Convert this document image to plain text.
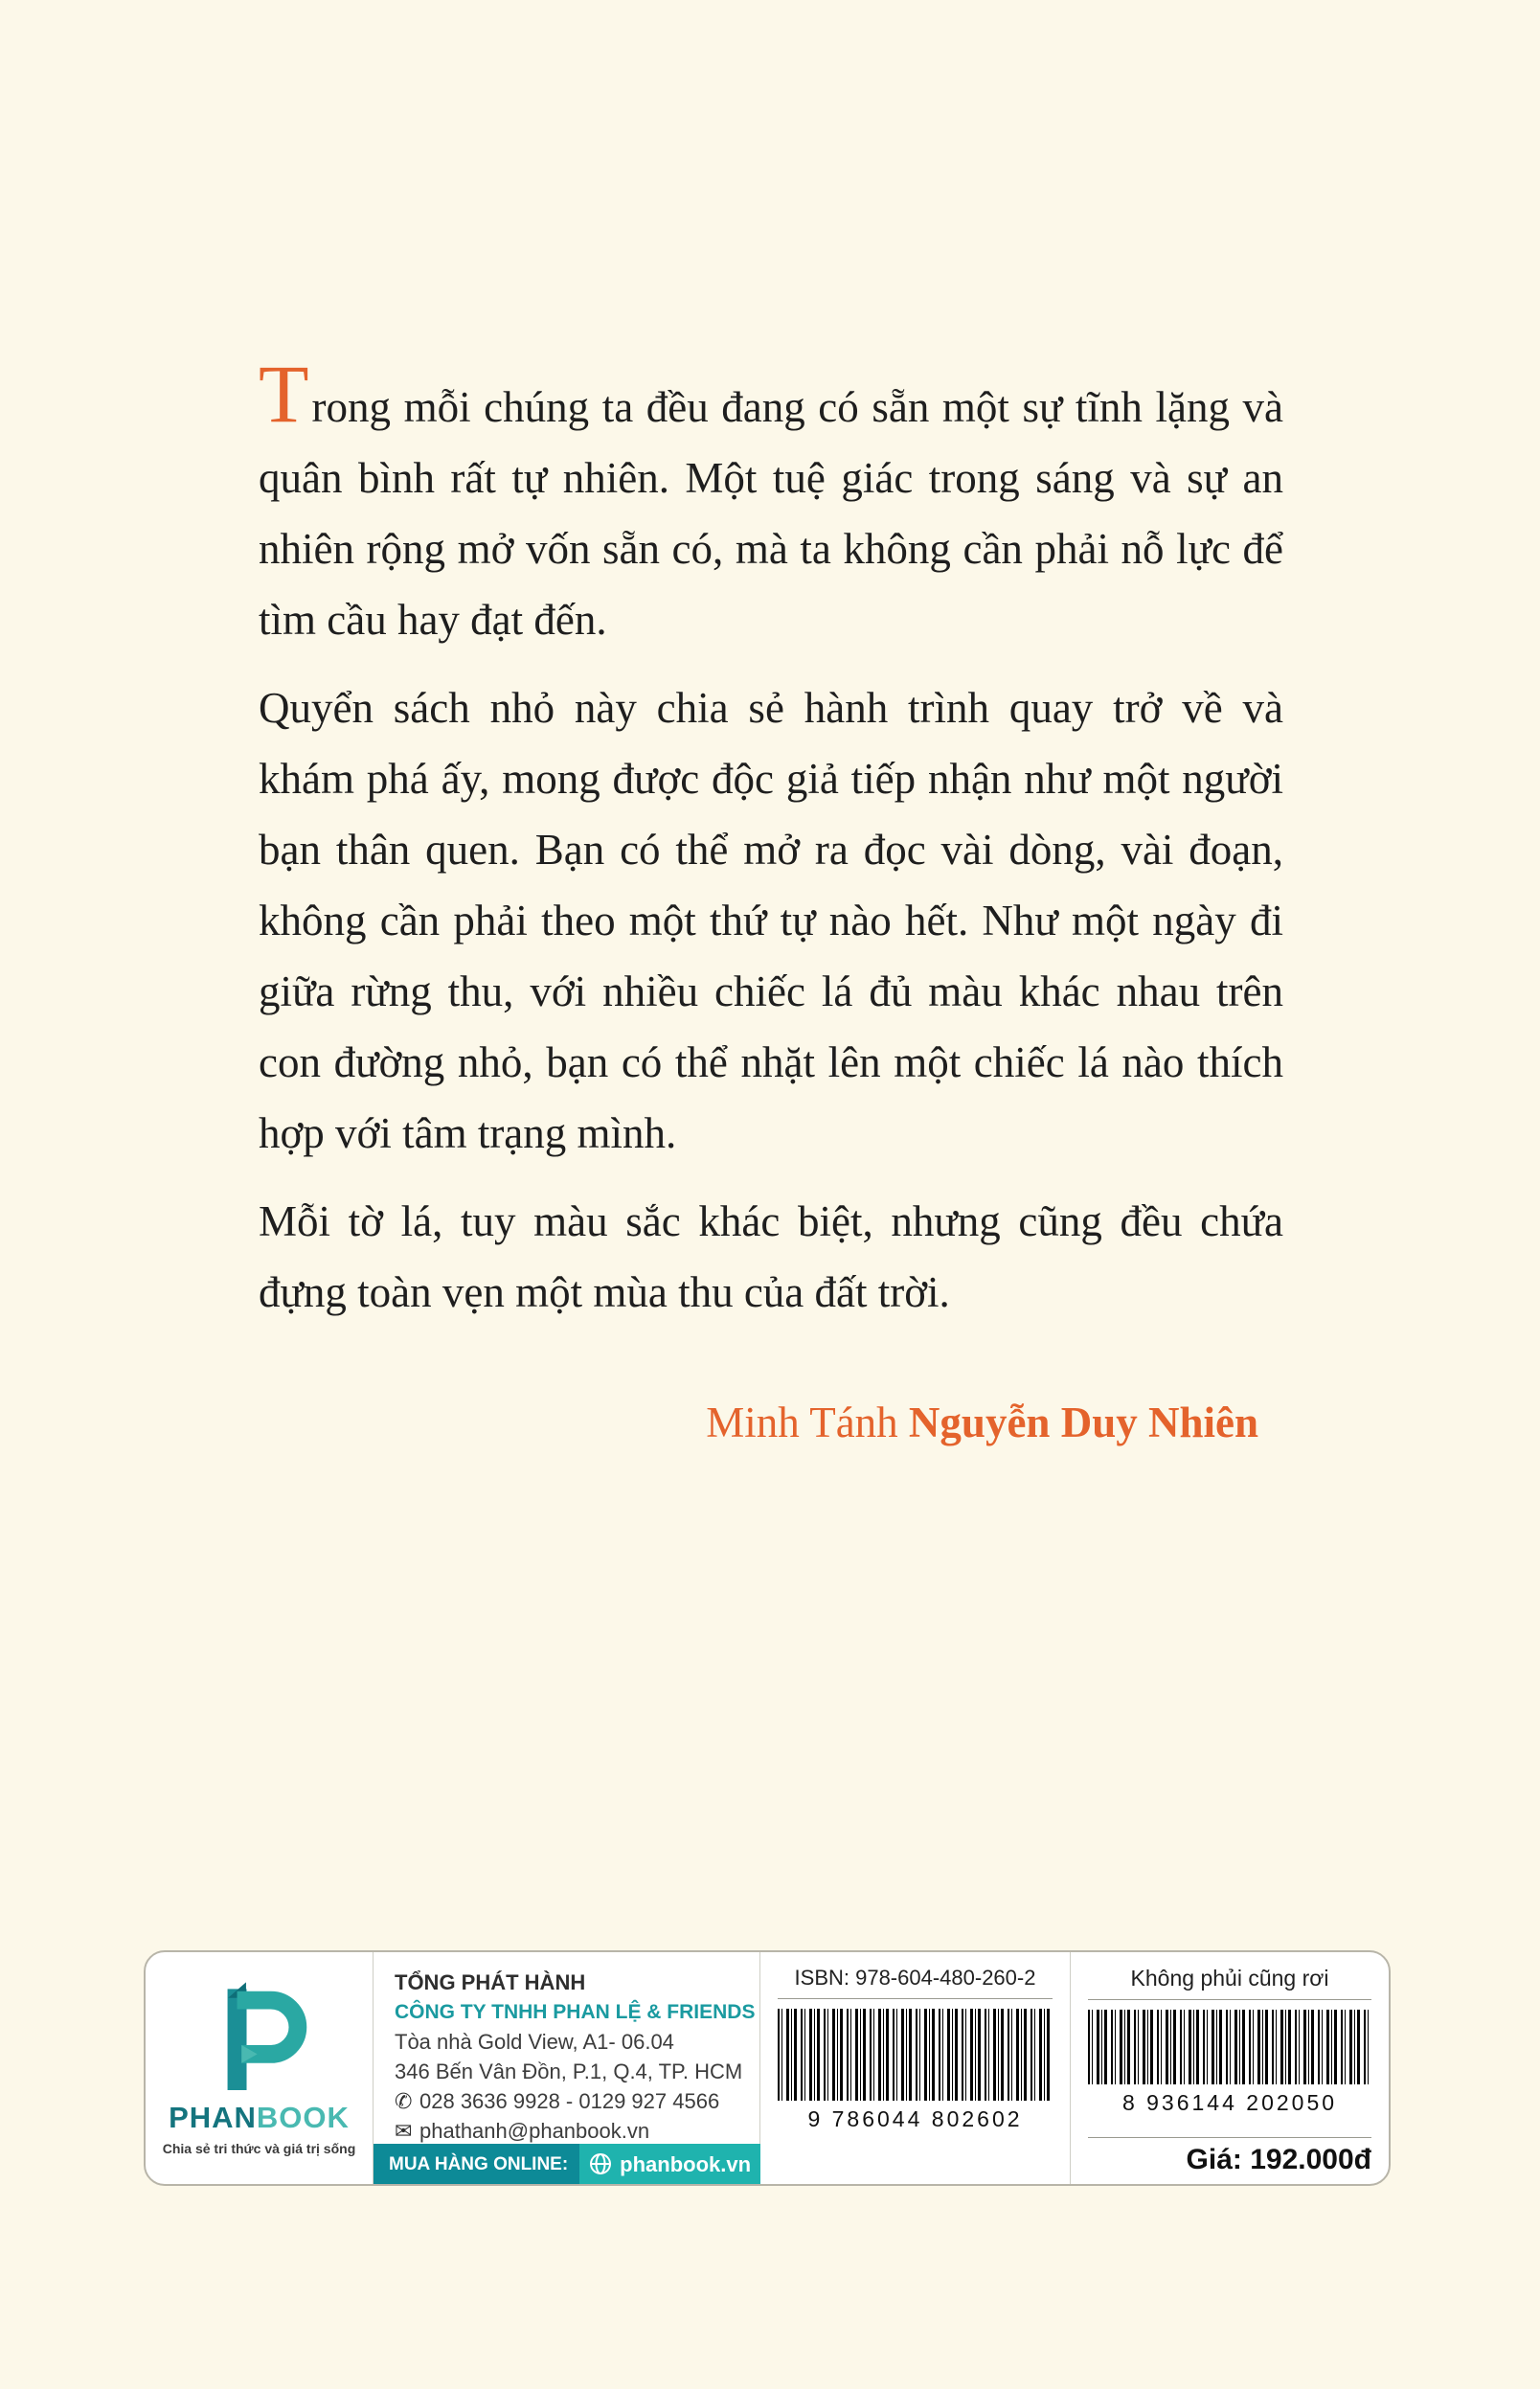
Trong mỗi chúng ta đều đang có sẵn một sự tĩnh lặng và quân bình rất tự nhiên. Một tuệ giác trong sáng và sự an nhiên rộng mở vốn sẵn có, mà ta không cần phải nỗ lực để tìm cầu hay đạt đến.

Quyển sách nhỏ này chia sẻ hành trình quay trở về và khám phá ấy, mong được độc giả tiếp nhận như một người bạn thân quen. Bạn có thể mở ra đọc vài dòng, vài đoạn, không cần phải theo một thứ tự nào hết. Như một ngày đi giữa rừng thu, với nhiều chiếc lá đủ màu khác nhau trên con đường nhỏ, bạn có thể nhặt lên một chiếc lá nào thích hợp với tâm trạng mình.

Mỗi tờ lá, tuy màu sắc khác biệt, nhưng cũng đều chứa đựng toàn vẹn một mùa thu của đất trời.

Minh Tánh Nguyễn Duy Nhiên
PHANBOOK
Chia sẻ tri thức và giá trị sống
TỔNG PHÁT HÀNH
CÔNG TY TNHH PHAN LỆ & FRIENDS
Tòa nhà Gold View, A1- 06.04
346 Bến Vân Đồn, P.1, Q.4, TP. HCM
✆ 028 3636 9928 - 0129 927 4566
✉ phathanh@phanbook.vn
MUA HÀNG ONLINE:	phanbook.vn
ISBN: 978-604-480-260-2
9 786044 802602
Không phủi cũng rơi
8 936144 202050
Giá: 192.000đ
